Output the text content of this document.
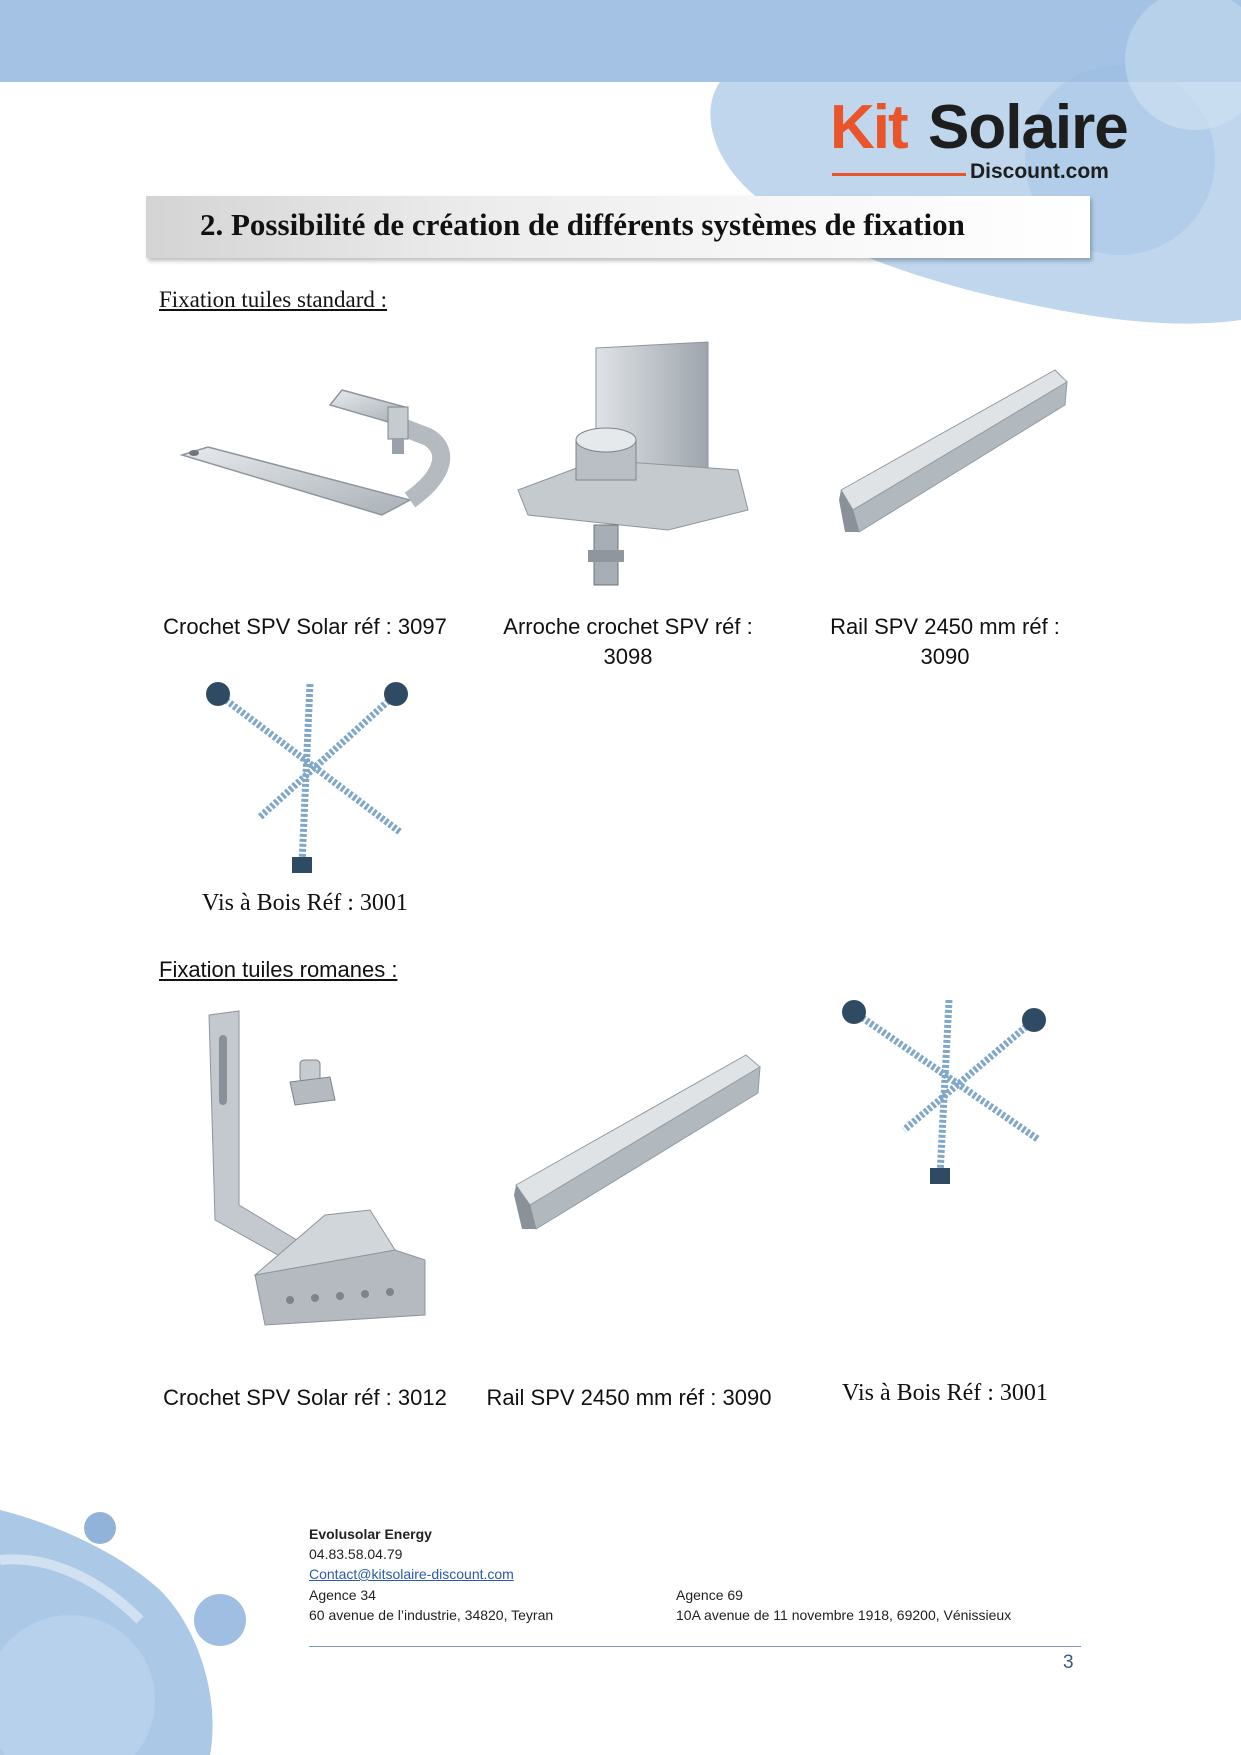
Kit Solaire
Discount.com
2. Possibilité de création de différents systèmes de fixation
Fixation tuiles standard :
Crochet SPV Solar réf : 3097	Arroche crochet SPV réf :
3098
Rail SPV 2450 mm réf :
3090
Vis à Bois Réf : 3001
Fixation tuiles romanes :
Crochet SPV Solar réf : 3012	Rail SPV 2450 mm réf : 3090	Vis à Bois Réf : 3001
Evolusolar Energy
04.83.58.04.79
Contact@kitsolaire-discount.com
Agence 34
60 avenue de l’industrie, 34820, Teyran
Agence 69
10A avenue de 11 novembre 1918, 69200, Vénissieux
3
